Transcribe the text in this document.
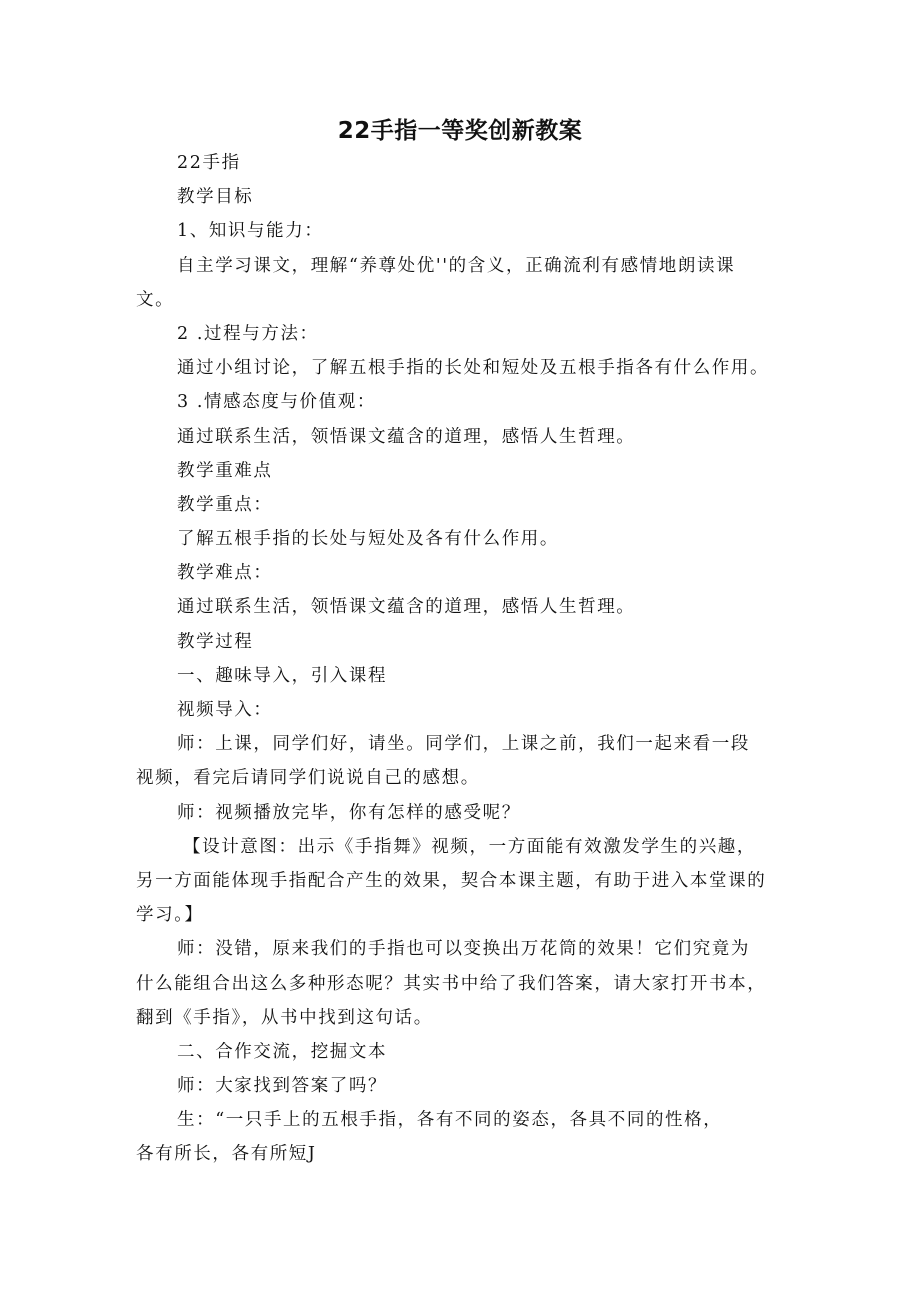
22手指一等奖创新教案
22手指
教学目标
1、知识与能力：
自主学习课文，理解“养尊处优''的含义，正确流利有感情地朗读课
文。
2 .过程与方法：
通过小组讨论，了解五根手指的长处和短处及五根手指各有什么作用。
3 .情感态度与价值观：
通过联系生活，领悟课文蕴含的道理，感悟人生哲理。
教学重难点
教学重点：
了解五根手指的长处与短处及各有什么作用。
教学难点：
通过联系生活，领悟课文蕴含的道理，感悟人生哲理。
教学过程
一、趣味导入，引入课程
视频导入：
师：上课，同学们好，请坐。同学们，上课之前，我们一起来看一段
视频，看完后请同学们说说自己的感想。
师：视频播放完毕，你有怎样的感受呢？
【设计意图：出示《手指舞》视频，一方面能有效激发学生的兴趣，
另一方面能体现手指配合产生的效果，契合本课主题，有助于进入本堂课的
学习。】
师：没错，原来我们的手指也可以变换出万花筒的效果！它们究竟为
什么能组合出这么多种形态呢？其实书中给了我们答案，请大家打开书本，
翻到《手指》，从书中找到这句话。
二、合作交流，挖掘文本
师：大家找到答案了吗？
生：“一只手上的五根手指，各有不同的姿态，各具不同的性格，
各有所长，各有所短J
